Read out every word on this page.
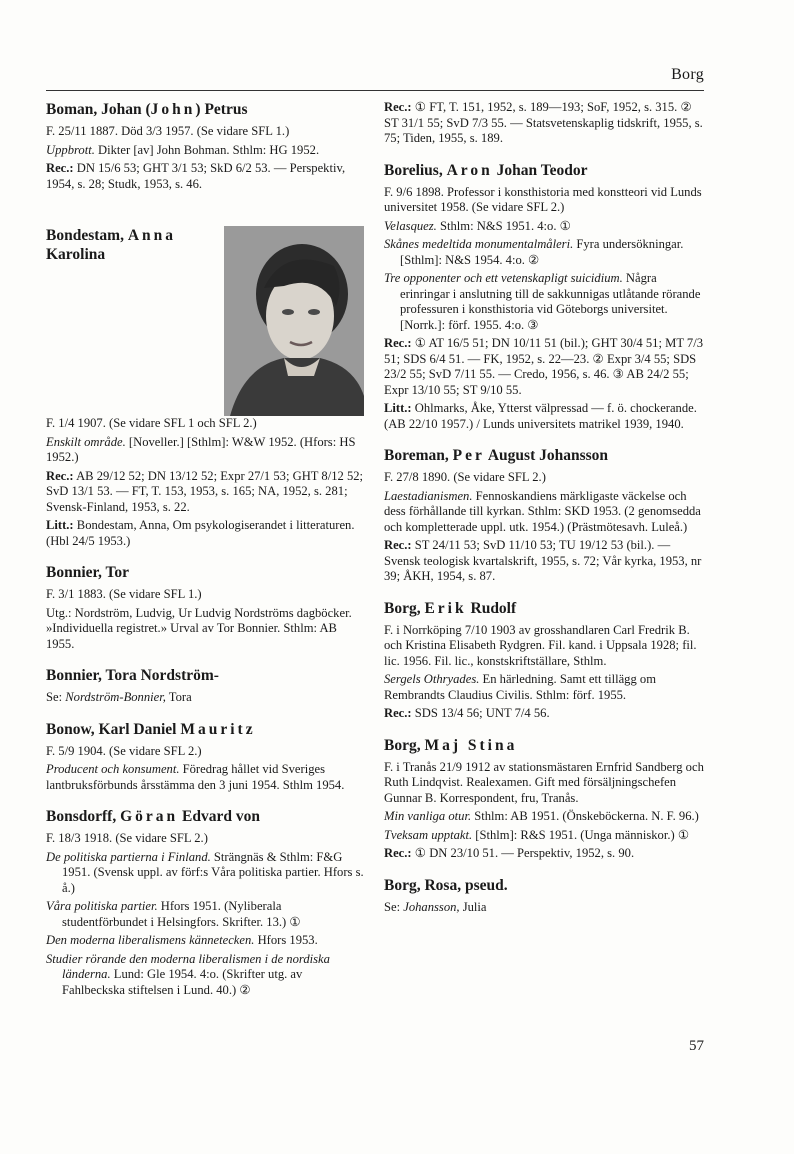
Borg
Boman, Johan (John) Petrus
F. 25/11 1887. Död 3/3 1957. (Se vidare SFL 1.)
Uppbrott. Dikter [av] John Bohman. Sthlm: HG 1952.
Rec.: DN 15/6 53; GHT 3/1 53; SkD 6/2 53. — Perspektiv, 1954, s. 28; Studk, 1953, s. 46.
Bondestam, Anna Karolina
F. 1/4 1907. (Se vidare SFL 1 och SFL 2.)
Enskilt område. [Noveller.] [Sthlm]: W&W 1952. (Hfors: HS 1952.)
Rec.: AB 29/12 52; DN 13/12 52; Expr 27/1 53; GHT 8/12 52; SvD 13/1 53. — FT, T. 153, 1953, s. 165; NA, 1952, s. 281; Svensk-Finland, 1953, s. 22.
Litt.: Bondestam, Anna, Om psykologiserandet i litteraturen. (Hbl 24/5 1953.)
Bonnier, Tor
F. 3/1 1883. (Se vidare SFL 1.)
Utg.: Nordström, Ludvig, Ur Ludvig Nordströms dagböcker. »Individuella registret.» Urval av Tor Bonnier. Sthlm: AB 1955.
Bonnier, Tora Nordström-
Se: Nordström-Bonnier, Tora
Bonow, Karl Daniel Mauritz
F. 5/9 1904. (Se vidare SFL 2.)
Producent och konsument. Föredrag hållet vid Sveriges lantbruksförbunds årsstämma den 3 juni 1954. Sthlm 1954.
Bonsdorff, Göran Edvard von
F. 18/3 1918. (Se vidare SFL 2.)
De politiska partierna i Finland. Strängnäs & Sthlm: F&G 1951. (Svensk uppl. av förf:s Våra politiska partier. Hfors s. å.)
Våra politiska partier. Hfors 1951. (Nyliberala studentförbundet i Helsingfors. Skrifter. 13.) ①
Den moderna liberalismens kännetecken. Hfors 1953.
Studier rörande den moderna liberalismen i de nordiska länderna. Lund: Gle 1954. 4:o. (Skrifter utg. av Fahlbeckska stiftelsen i Lund. 40.) ②
Rec.: ① FT, T. 151, 1952, s. 189—193; SoF, 1952, s. 315. ② ST 31/1 55; SvD 7/3 55. — Statsvetenskaplig tidskrift, 1955, s. 75; Tiden, 1955, s. 189.
Borelius, Aron Johan Teodor
F. 9/6 1898. Professor i konsthistoria med konstteori vid Lunds universitet 1958. (Se vidare SFL 2.)
Velasquez. Sthlm: N&S 1951. 4:o. ①
Skånes medeltida monumentalmåleri. Fyra undersökningar. [Sthlm]: N&S 1954. 4:o. ②
Tre opponenter och ett vetenskapligt suicidium. Några erinringar i anslutning till de sakkunnigas utlåtande rörande professuren i konsthistoria vid Göteborgs universitet. [Norrk.]: förf. 1955. 4:o. ③
Rec.: ① AT 16/5 51; DN 10/11 51 (bil.); GHT 30/4 51; MT 7/3 51; SDS 6/4 51. — FK, 1952, s. 22—23. ② Expr 3/4 55; SDS 23/2 55; SvD 7/11 55. — Credo, 1956, s. 46. ③ AB 24/2 55; Expr 13/10 55; ST 9/10 55.
Litt.: Ohlmarks, Åke, Ytterst välpressad — f. ö. chockerande. (AB 22/10 1957.) / Lunds universitets matrikel 1939, 1940.
Boreman, Per August Johansson
F. 27/8 1890. (Se vidare SFL 2.)
Laestadianismen. Fennoskandiens märkligaste väckelse och dess förhållande till kyrkan. Sthlm: SKD 1953. (2 genomsedda och kompletterade uppl. utk. 1954.) (Prästmötesavh. Luleå.)
Rec.: ST 24/11 53; SvD 11/10 53; TU 19/12 53 (bil.). — Svensk teologisk kvartalskrift, 1955, s. 72; Vår kyrka, 1953, nr 39; ÅKH, 1954, s. 87.
Borg, Erik Rudolf
F. i Norrköping 7/10 1903 av grosshandlaren Carl Fredrik B. och Kristina Elisabeth Rydgren. Fil. kand. i Uppsala 1928; fil. lic. 1956. Fil. lic., konstskriftställare, Sthlm.
Sergels Othryades. En härledning. Samt ett tillägg om Rembrandts Claudius Civilis. Sthlm: förf. 1955.
Rec.: SDS 13/4 56; UNT 7/4 56.
Borg, Maj Stina
F. i Tranås 21/9 1912 av stationsmästaren Ernfrid Sandberg och Ruth Lindqvist. Realexamen. Gift med försäljningschefen Gunnar B. Korrespondent, fru, Tranås.
Min vanliga otur. Sthlm: AB 1951. (Önskeböckerna. N. F. 96.)
Tveksam upptakt. [Sthlm]: R&S 1951. (Unga människor.) ①
Rec.: ① DN 23/10 51. — Perspektiv, 1952, s. 90.
Borg, Rosa, pseud.
Se: Johansson, Julia
57
